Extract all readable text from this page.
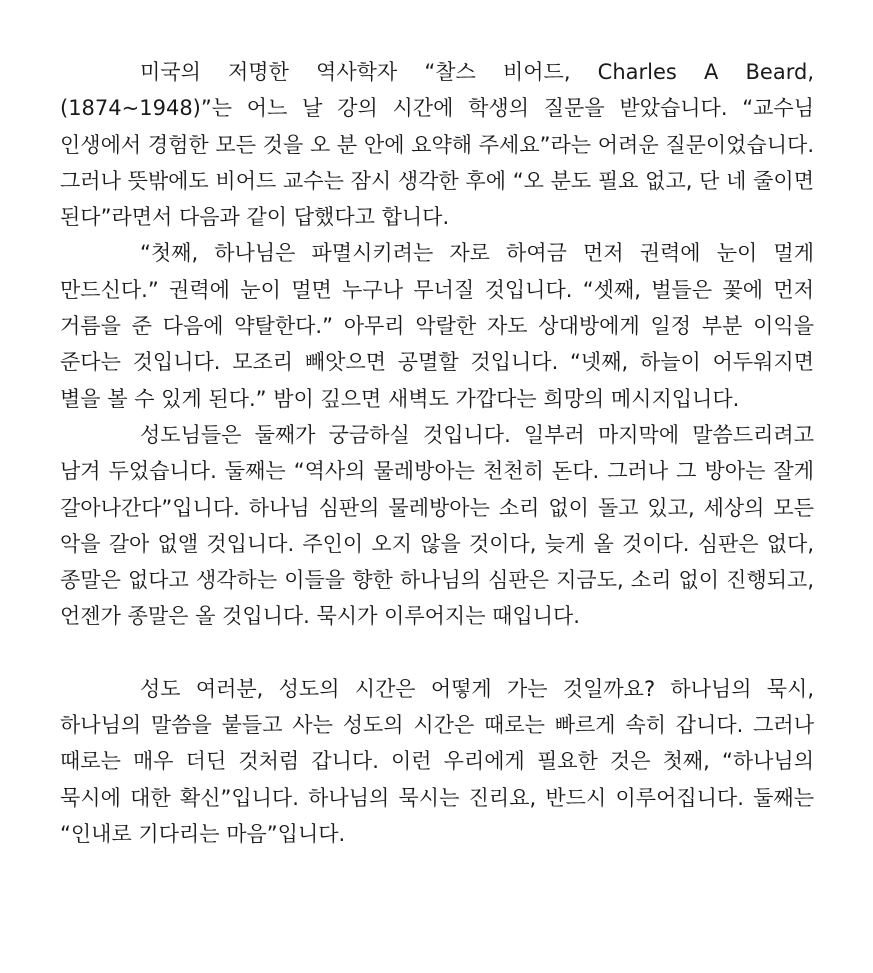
미국의 저명한 역사학자 “찰스 비어드, Charles A Beard, (1874~1948)”는 어느 날 강의 시간에 학생의 질문을 받았습니다. “교수님 인생에서 경험한 모든 것을 오 분 안에 요약해 주세요”라는 어려운 질문이었습니다. 그러나 뜻밖에도 비어드 교수는 잠시 생각한 후에 “오 분도 필요 없고, 단 네 줄이면 된다”라면서 다음과 같이 답했다고 합니다.

“첫째, 하나님은 파멸시키려는 자로 하여금 먼저 권력에 눈이 멀게 만드신다.” 권력에 눈이 멀면 누구나 무너질 것입니다. “셋째, 벌들은 꽃에 먼저 거름을 준 다음에 약탈한다.” 아무리 악랄한 자도 상대방에게 일정 부분 이익을 준다는 것입니다. 모조리 빼앗으면 공멸할 것입니다. “넷째, 하늘이 어두워지면 별을 볼 수 있게 된다.” 밤이 깊으면 새벽도 가깝다는 희망의 메시지입니다.

성도님들은 둘째가 궁금하실 것입니다. 일부러 마지막에 말씀드리려고 남겨 두었습니다. 둘째는 “역사의 물레방아는 천천히 돈다. 그러나 그 방아는 잘게 갈아나간다”입니다. 하나님 심판의 물레방아는 소리 없이 돌고 있고, 세상의 모든 악을 갈아 없앨 것입니다. 주인이 오지 않을 것이다, 늦게 올 것이다. 심판은 없다, 종말은 없다고 생각하는 이들을 향한 하나님의 심판은 지금도, 소리 없이 진행되고, 언젠가 종말은 올 것입니다. 묵시가 이루어지는 때입니다.

성도 여러분, 성도의 시간은 어떻게 가는 것일까요? 하나님의 묵시, 하나님의 말씀을 붙들고 사는 성도의 시간은 때로는 빠르게 속히 갑니다. 그러나 때로는 매우 더딘 것처럼 갑니다. 이런 우리에게 필요한 것은 첫째, “하나님의 묵시에 대한 확신”입니다. 하나님의 묵시는 진리요, 반드시 이루어집니다. 둘째는 “인내로 기다리는 마음”입니다.
